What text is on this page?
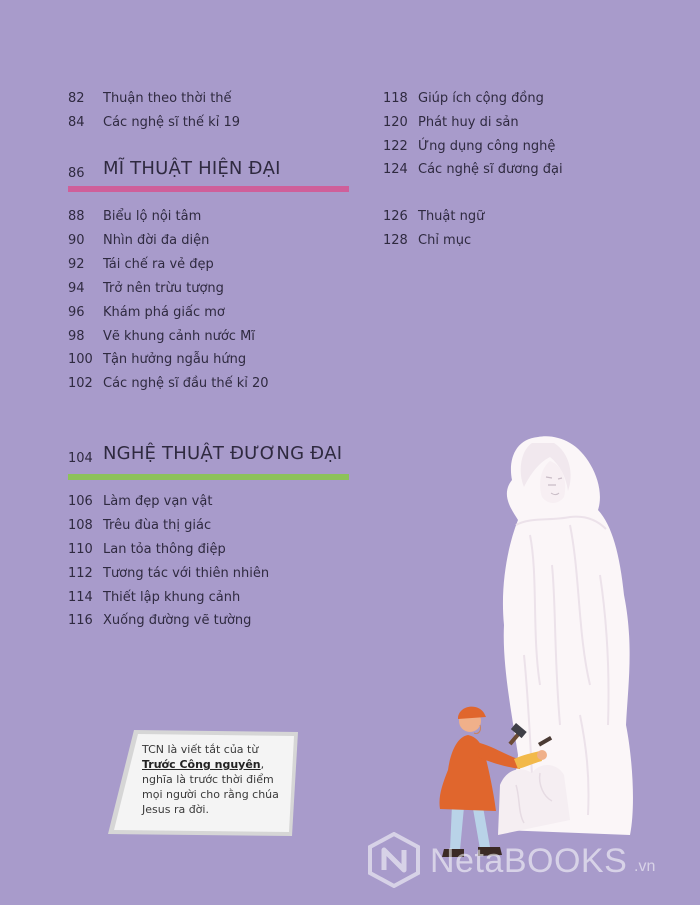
82	Thuận theo thời thế
84	Các nghệ sĩ thế kỉ 19
86	MĨ THUẬT HIỆN ĐẠI
88	Biểu lộ nội tâm
90	Nhìn đời đa diện
92	Tái chế ra vẻ đẹp
94	Trở nên trừu tượng
96	Khám phá giấc mơ
98	Vẽ khung cảnh nước Mĩ
100 Tận hưởng ngẫu hứng
102 Các nghệ sĩ đầu thế kỉ 20
104 NGHỆ THUẬT ĐƯƠNG ĐẠI
106 Làm đẹp vạn vật
108 Trêu đùa thị giác
110 Lan tỏa thông điệp
112 Tương tác với thiên nhiên
114 Thiết lập khung cảnh
116 Xuống đường vẽ tường
118 Giúp ích cộng đồng
120 Phát huy di sản
122 Ứng dụng công nghệ
124 Các nghệ sĩ đương đại
126 Thuật ngữ
128 Chỉ mục
TCN là viết tắt của từ
Trước Công nguyên,
nghĩa là trước thời điểm
mọi người cho rằng chúa
Jesus ra đời.
NetaBOOKS .vn
